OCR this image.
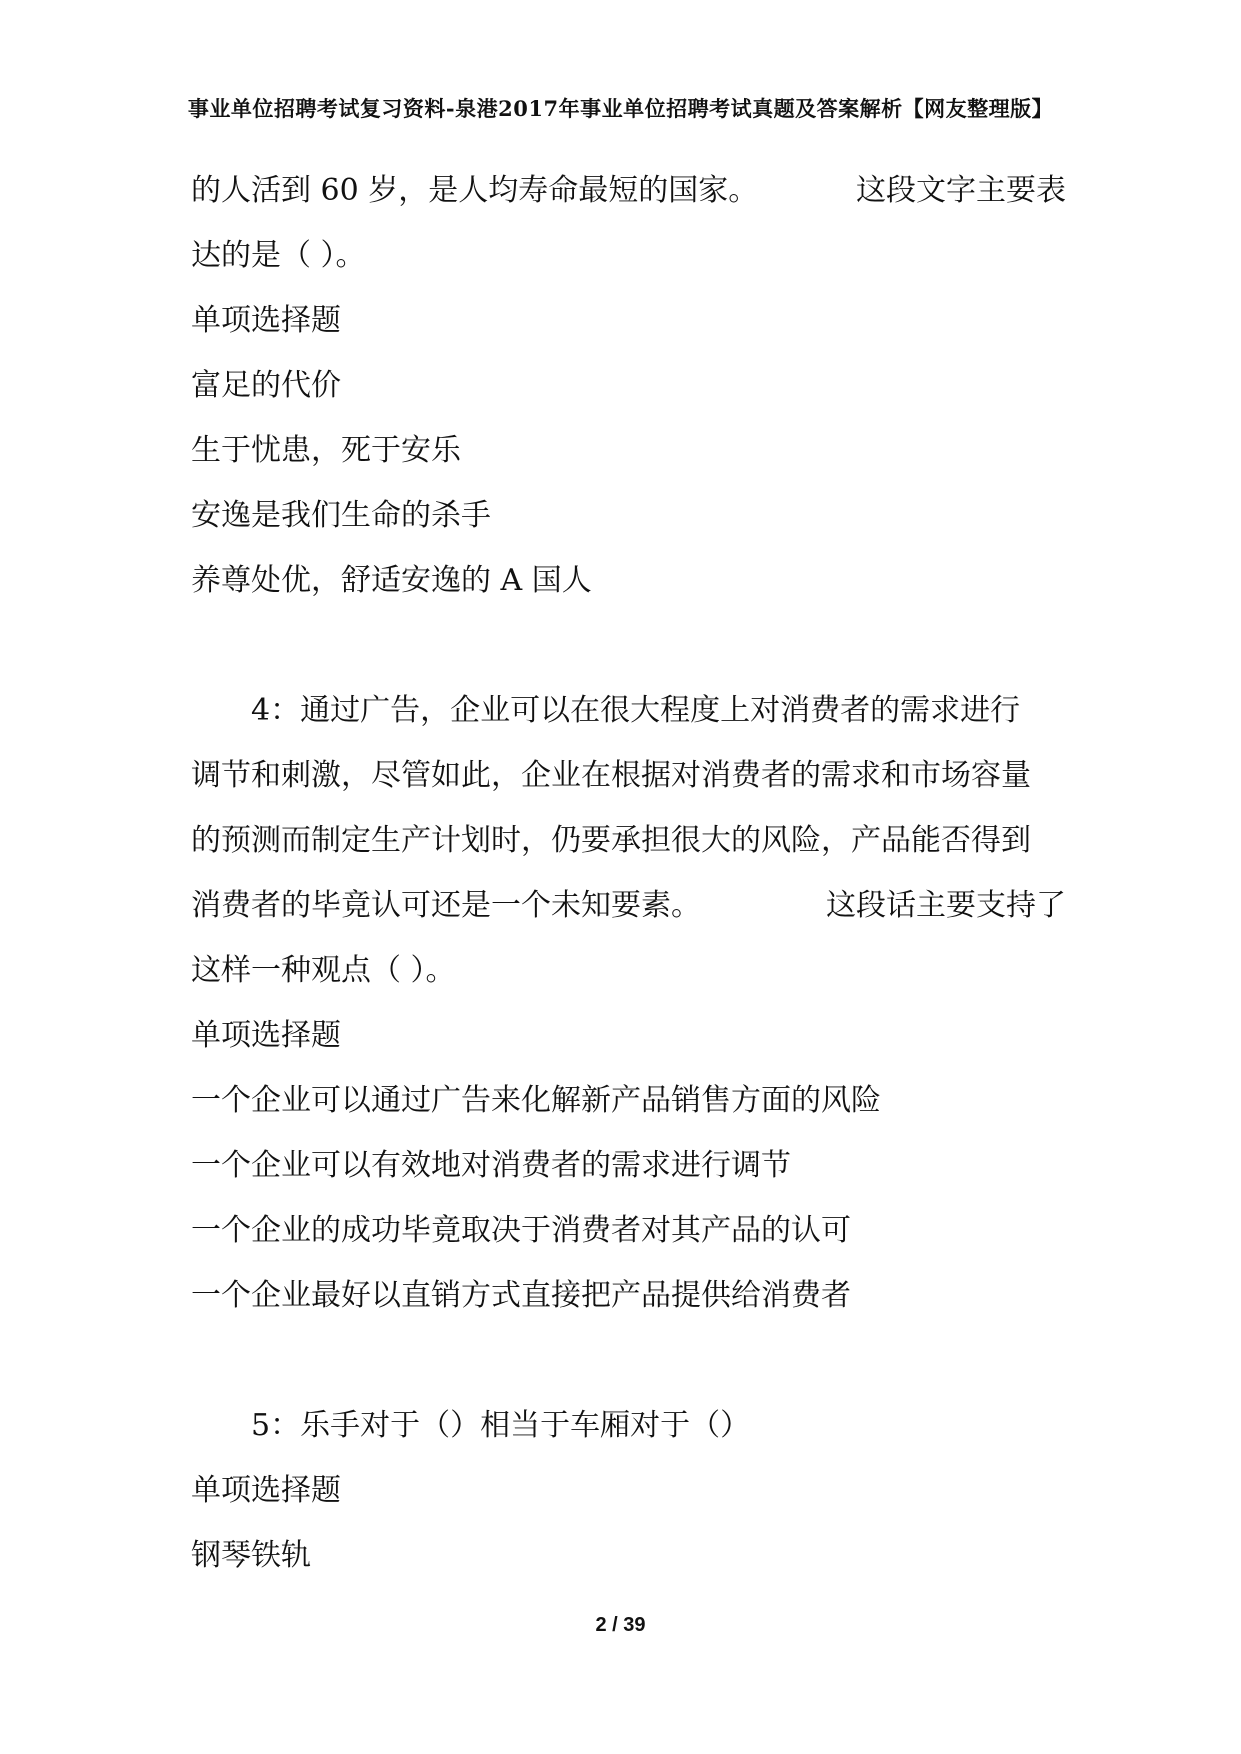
事业单位招聘考试复习资料-泉港2017年事业单位招聘考试真题及答案解析【网友整理版】
的人活到 60 岁，是人均寿命最短的国家。	这段文字主要表
达的是（ ）。
单项选择题
富足的代价
生于忧患，死于安乐
安逸是我们生命的杀手
养尊处优，舒适安逸的 A 国人
4：通过广告，企业可以在很大程度上对消费者的需求进行
调节和刺激，尽管如此，企业在根据对消费者的需求和市场容量
的预测而制定生产计划时，仍要承担很大的风险，产品能否得到
消费者的毕竟认可还是一个未知要素。	这段话主要支持了
这样一种观点（ ）。
单项选择题
一个企业可以通过广告来化解新产品销售方面的风险
一个企业可以有效地对消费者的需求进行调节
一个企业的成功毕竟取决于消费者对其产品的认可
一个企业最好以直销方式直接把产品提供给消费者
5：乐手对于（）相当于车厢对于（）
单项选择题
钢琴铁轨
2 / 39
